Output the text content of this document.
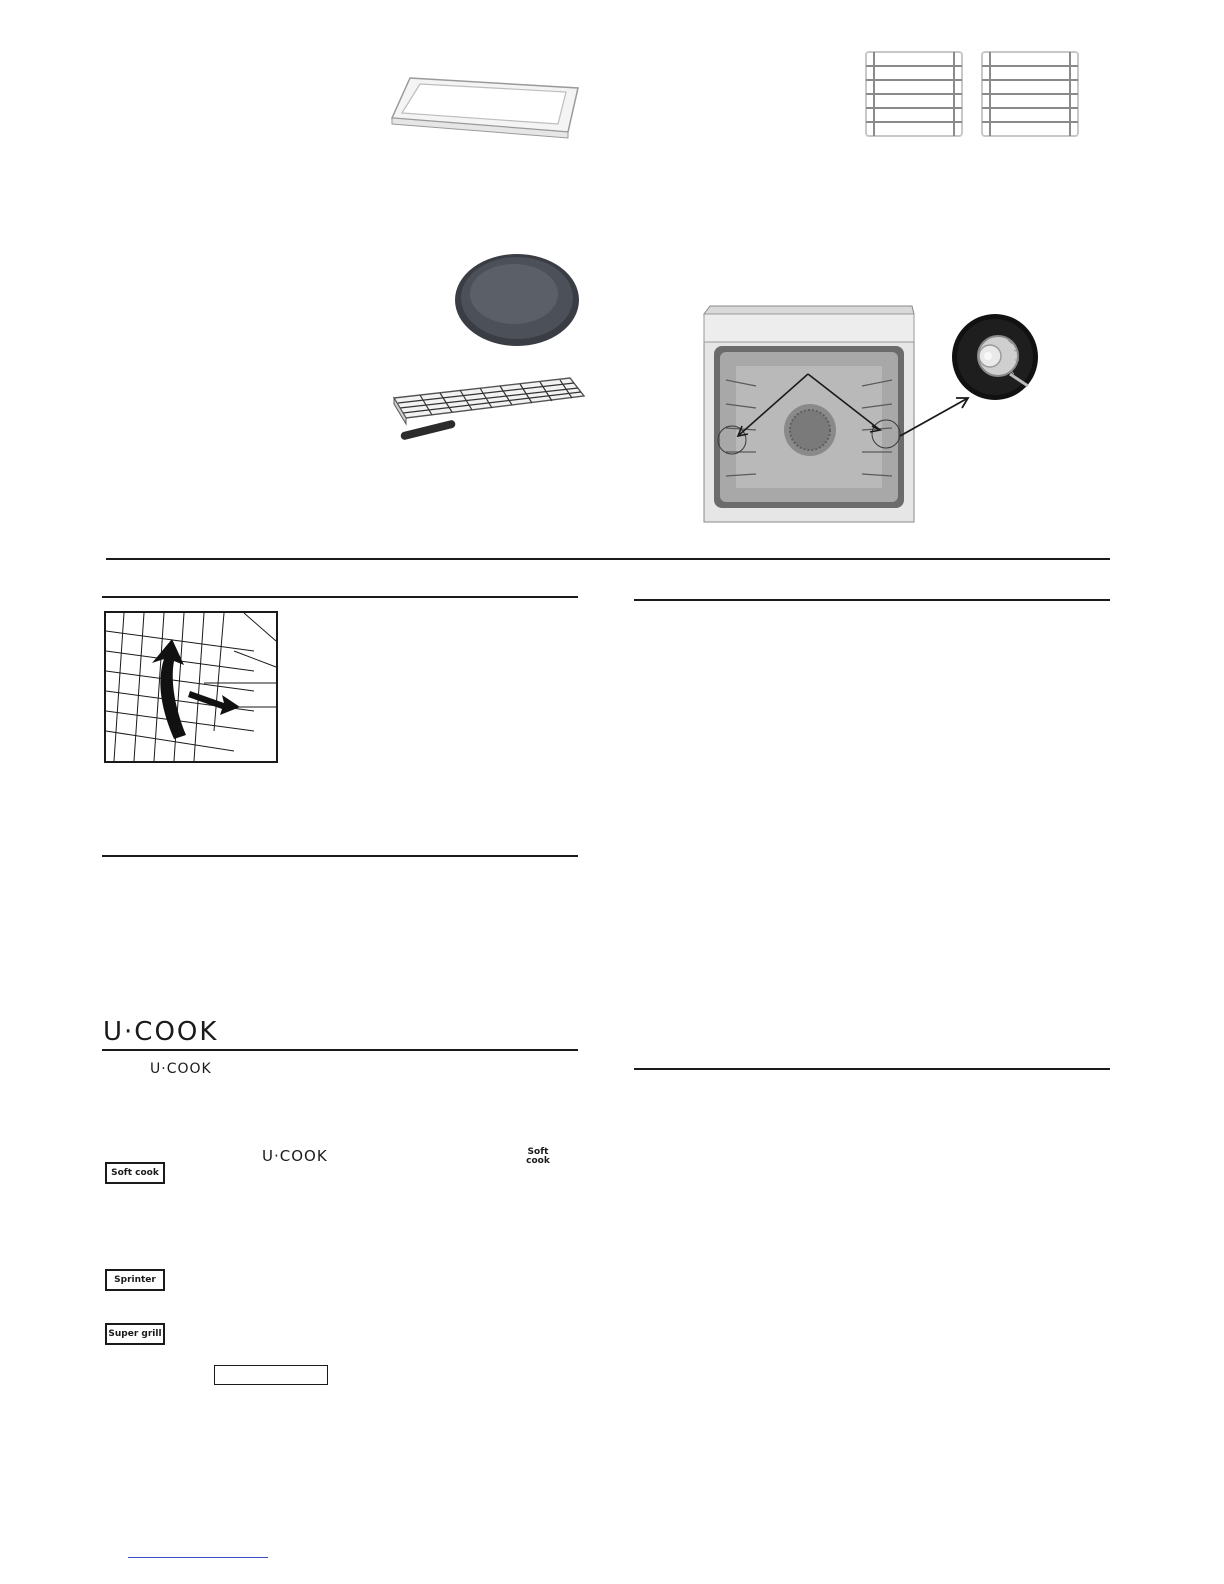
U·COOK
U·COOK
U·COOK	Soft cook
Soft cook
Sprinter
Super grill
